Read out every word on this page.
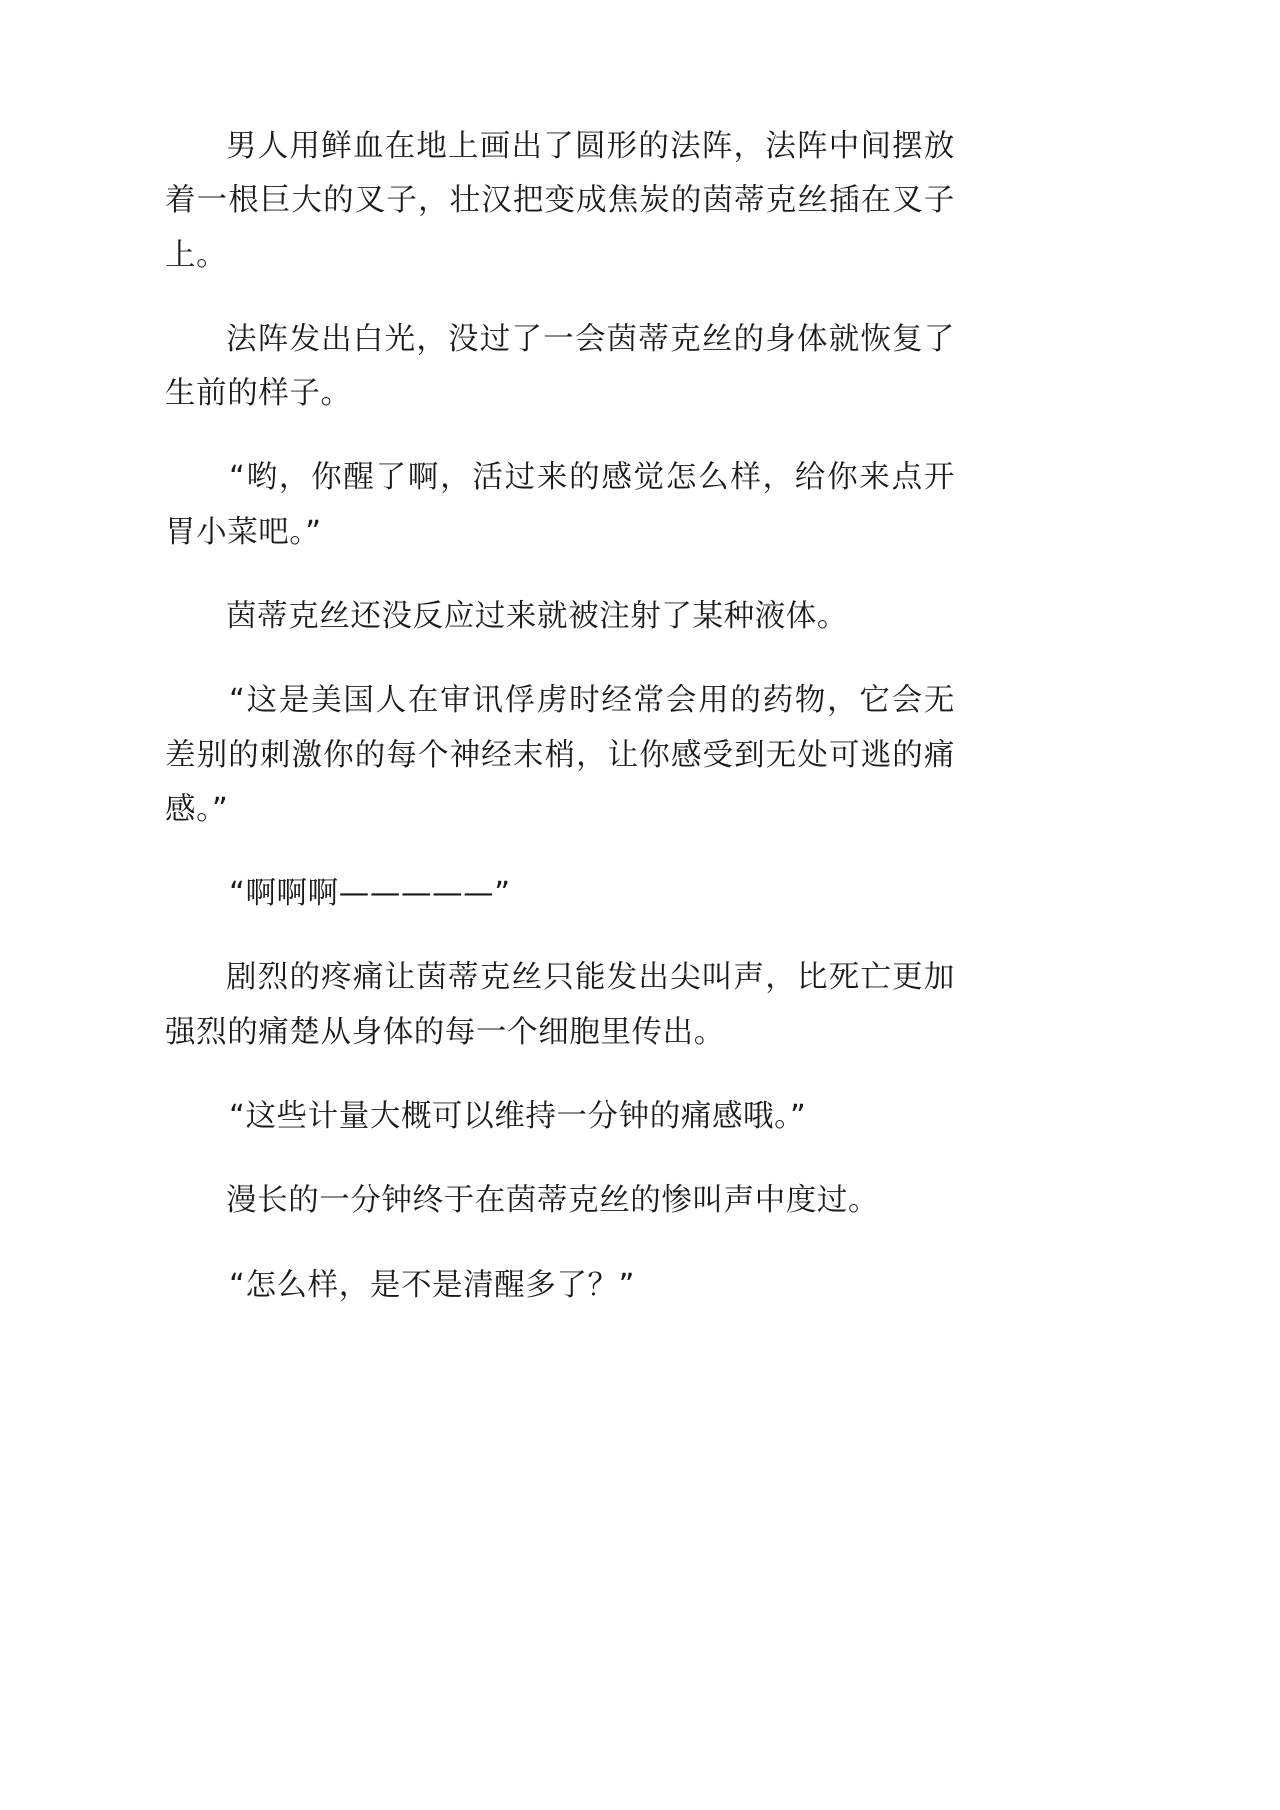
男人用鲜血在地上画出了圆形的法阵，法阵中间摆放着一根巨大的叉子，壮汉把变成焦炭的茵蒂克丝插在叉子上。

法阵发出白光，没过了一会茵蒂克丝的身体就恢复了生前的样子。

“哟，你醒了啊，活过来的感觉怎么样，给你来点开胃小菜吧。”

茵蒂克丝还没反应过来就被注射了某种液体。

“这是美国人在审讯俘虏时经常会用的药物，它会无差别的刺激你的每个神经末梢，让你感受到无处可逃的痛感。”

“啊啊啊—————”

剧烈的疼痛让茵蒂克丝只能发出尖叫声，比死亡更加强烈的痛楚从身体的每一个细胞里传出。

“这些计量大概可以维持一分钟的痛感哦。”

漫长的一分钟终于在茵蒂克丝的惨叫声中度过。

“怎么样，是不是清醒多了？”
